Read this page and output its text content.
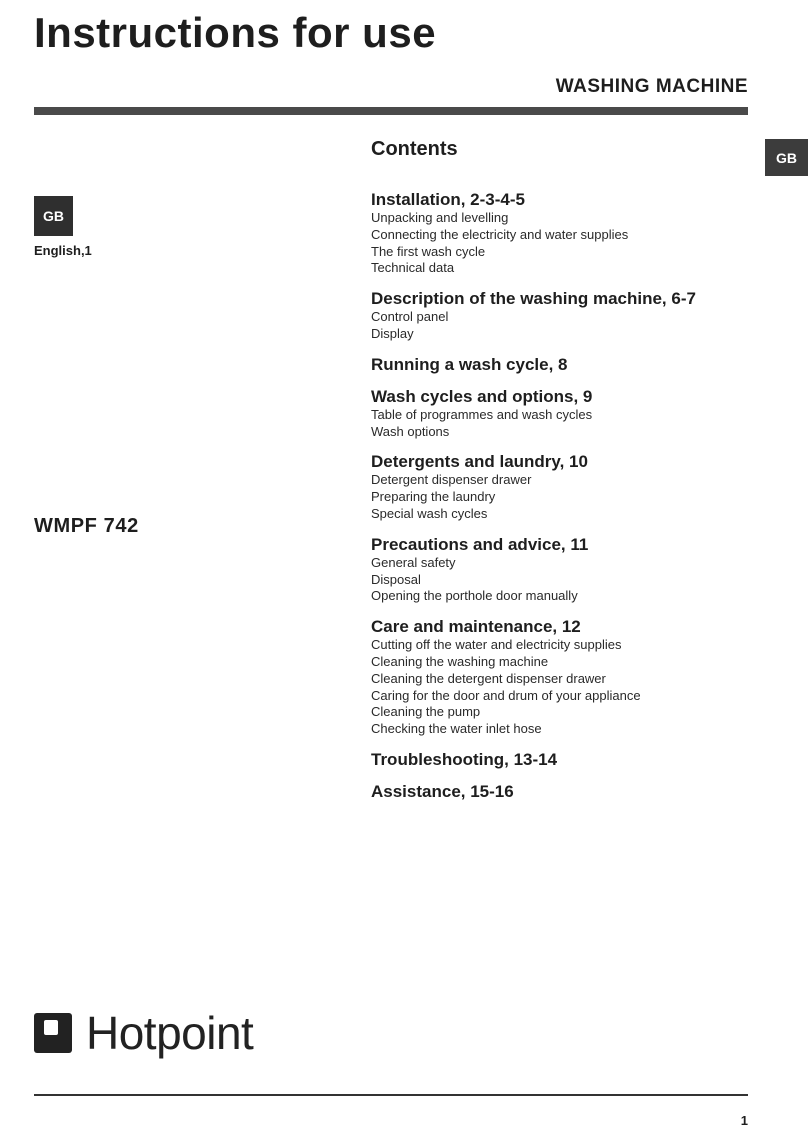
Instructions for use
WASHING MACHINE
GB
GB
English,1
WMPF 742
Contents

Installation, 2-3-4-5

Unpacking and levelling

Connecting the electricity and water supplies

The first wash cycle

Technical data

Description of the washing machine, 6-7

Control panel

Display

Running a wash cycle, 8

Wash cycles and options, 9

Table of programmes and wash cycles

Wash options

Detergents and laundry, 10

Detergent dispenser drawer

Preparing the laundry

Special wash cycles

Precautions and advice, 11

General safety

Disposal

Opening the porthole door manually

Care and maintenance, 12

Cutting off the water and electricity supplies

Cleaning the washing machine

Cleaning the detergent dispenser drawer

Caring for the door and drum of your appliance

Cleaning the pump

Checking the water inlet hose

Troubleshooting, 13-14

Assistance, 15-16

Hotpoint
1
